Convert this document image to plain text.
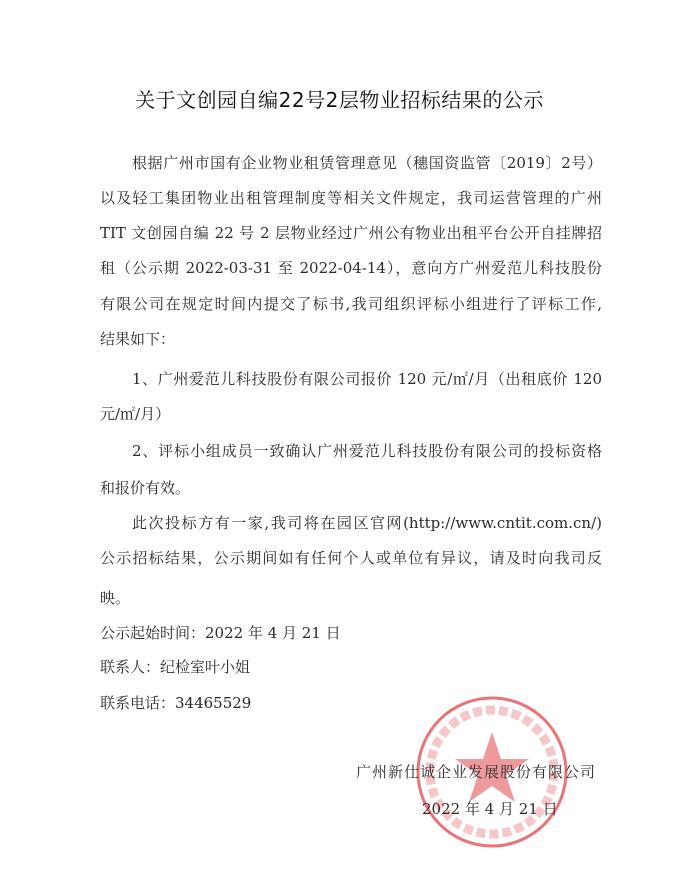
关于文创园自编22号2层物业招标结果的公示
根据广州市国有企业物业租赁管理意见（穗国资监管〔2019〕2号）
以及轻工集团物业出租管理制度等相关文件规定，我司运营管理的广州
TIT 文创园自编 22 号 2 层物业经过广州公有物业出租平台公开自挂牌招
租（公示期 2022-03-31 至 2022-04-14），意向方广州爱范儿科技股份
有限公司在规定时间内提交了标书,我司组织评标小组进行了评标工作,
结果如下：
1、广州爱范儿科技股份有限公司报价 120 元/㎡/月（出租底价 120
元/㎡/月）
2、评标小组成员一致确认广州爱范儿科技股份有限公司的投标资格
和报价有效。
此次投标方有一家,我司将在园区官网(http://www.cntit.com.cn/)
公示招标结果，公示期间如有任何个人或单位有异议，请及时向我司反
映。
公示起始时间：2022 年 4 月 21 日
联系人：纪检室叶小姐
联系电话：34465529
广州新仕诚企业发展股份有限公司
2022 年 4 月 21 日
